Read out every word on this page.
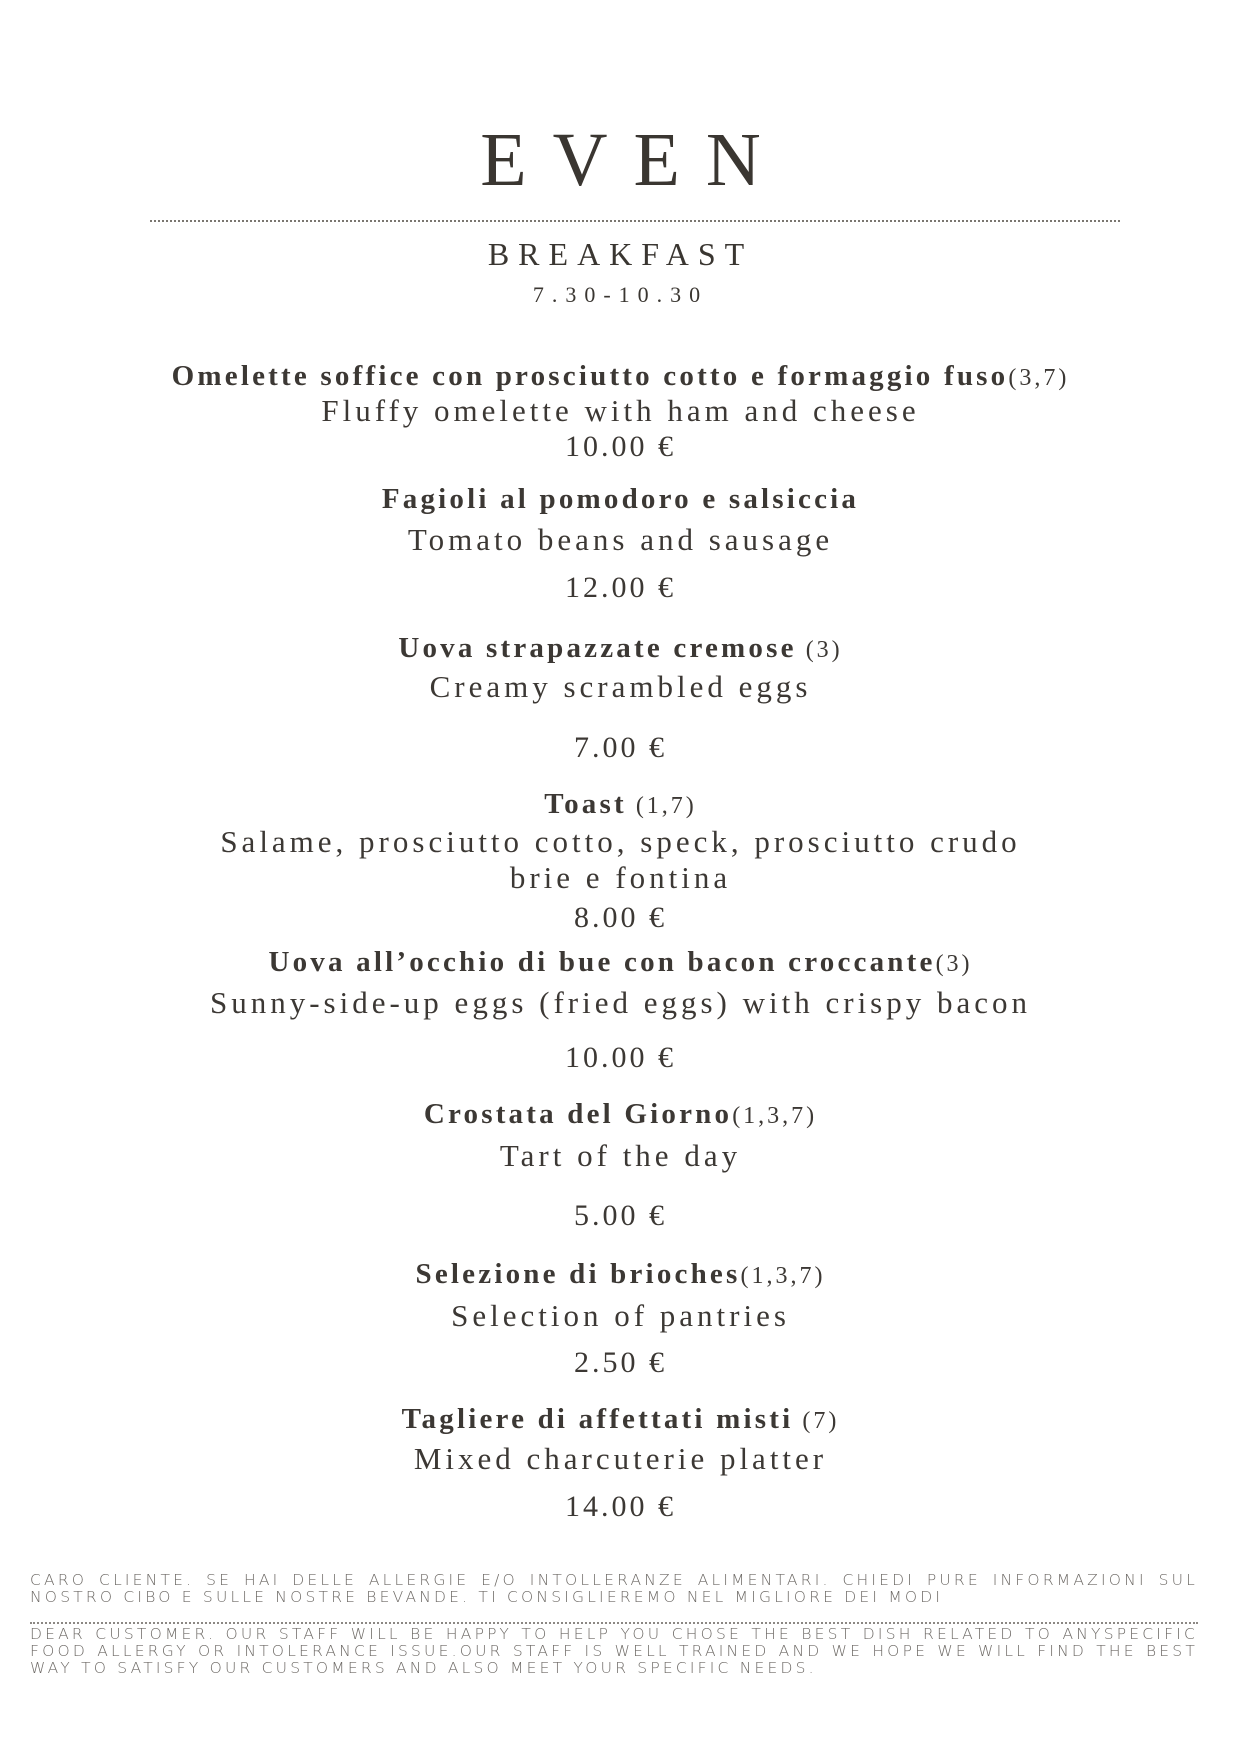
EVEN
BREAKFAST
7.30-10.30
Omelette soffice con prosciutto cotto e formaggio fuso(3,7)
Fluffy omelette with ham and cheese
10.00 €
Fagioli al pomodoro e salsiccia
Tomato beans and sausage
12.00 €
Uova strapazzate cremose (3)
Creamy scrambled eggs
7.00 €
Toast (1,7)
Salame, prosciutto cotto, speck, prosciutto crudo
brie e fontina
8.00 €
Uova all’occhio di bue con bacon croccante(3)
Sunny-side-up eggs (fried eggs) with crispy bacon
10.00 €
Crostata del Giorno(1,3,7)
Tart of the day
5.00 €
Selezione di brioches(1,3,7)
Selection of pantries
2.50 €
Tagliere di affettati misti (7)
Mixed charcuterie platter
14.00 €
CARO CLIENTE. SE HAI DELLE ALLERGIE E/O INTOLLERANZE ALIMENTARI. CHIEDI PURE INFORMAZIONI SUL NOSTRO CIBO E SULLE NOSTRE BEVANDE. TI CONSIGLIEREMO NEL MIGLIORE DEI MODI
DEAR CUSTOMER. OUR STAFF WILL BE HAPPY TO HELP YOU CHOSE THE BEST DISH RELATED TO ANYSPECIFIC FOOD ALLERGY OR INTOLERANCE ISSUE.OUR STAFF IS WELL TRAINED AND WE HOPE WE WILL FIND THE BEST WAY TO SATISFY OUR CUSTOMERS AND ALSO MEET YOUR SPECIFIC NEEDS.
